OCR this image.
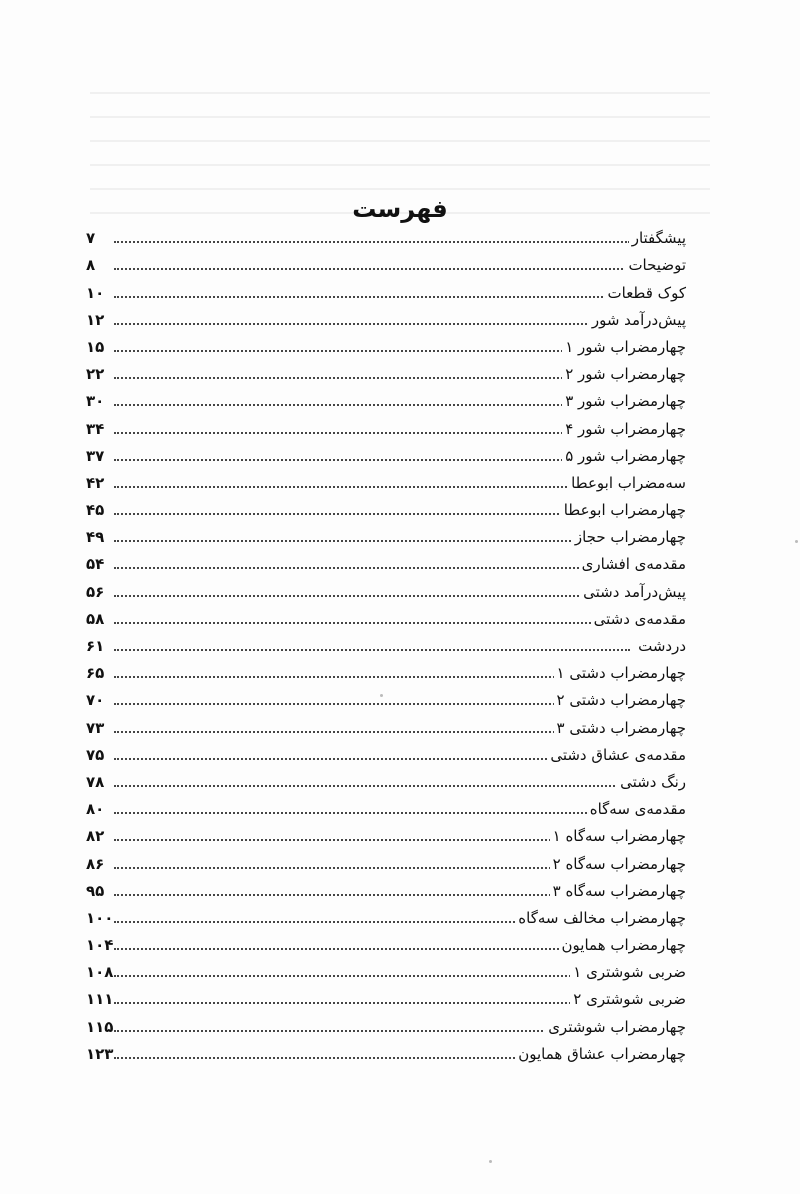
فهرست
پیشگفتار
۷
توضیحات
۸
کوک قطعات
۱۰
پیش‌درآمد شور
۱۲
چهارمضراب شور ۱
۱۵
چهارمضراب شور ۲
۲۲
چهارمضراب شور ۳
۳۰
چهارمضراب شور ۴
۳۴
چهارمضراب شور ۵
۳۷
سه‌مضراب ابوعطا
۴۲
چهارمضراب ابوعطا
۴۵
چهارمضراب حجاز
۴۹
مقدمه‌ی افشاری
۵۴
پیش‌درآمد دشتی
۵۶
مقدمه‌ی دشتی
۵۸
دردشت
۶۱
چهارمضراب دشتی ۱
۶۵
چهارمضراب دشتی ۲
۷۰
چهارمضراب دشتی ۳
۷۳
مقدمه‌ی عشاق دشتی
۷۵
رنگ دشتی
۷۸
مقدمه‌ی سه‌گاه
۸۰
چهارمضراب سه‌گاه ۱
۸۲
چهارمضراب سه‌گاه ۲
۸۶
چهارمضراب سه‌گاه ۳
۹۵
چهارمضراب مخالف سه‌گاه
۱۰۰
چهارمضراب همایون
۱۰۴
ضربی شوشتری ۱
۱۰۸
ضربی شوشتری ۲
۱۱۱
چهارمضراب شوشتری
۱۱۵
چهارمضراب عشاق همایون
۱۲۳
